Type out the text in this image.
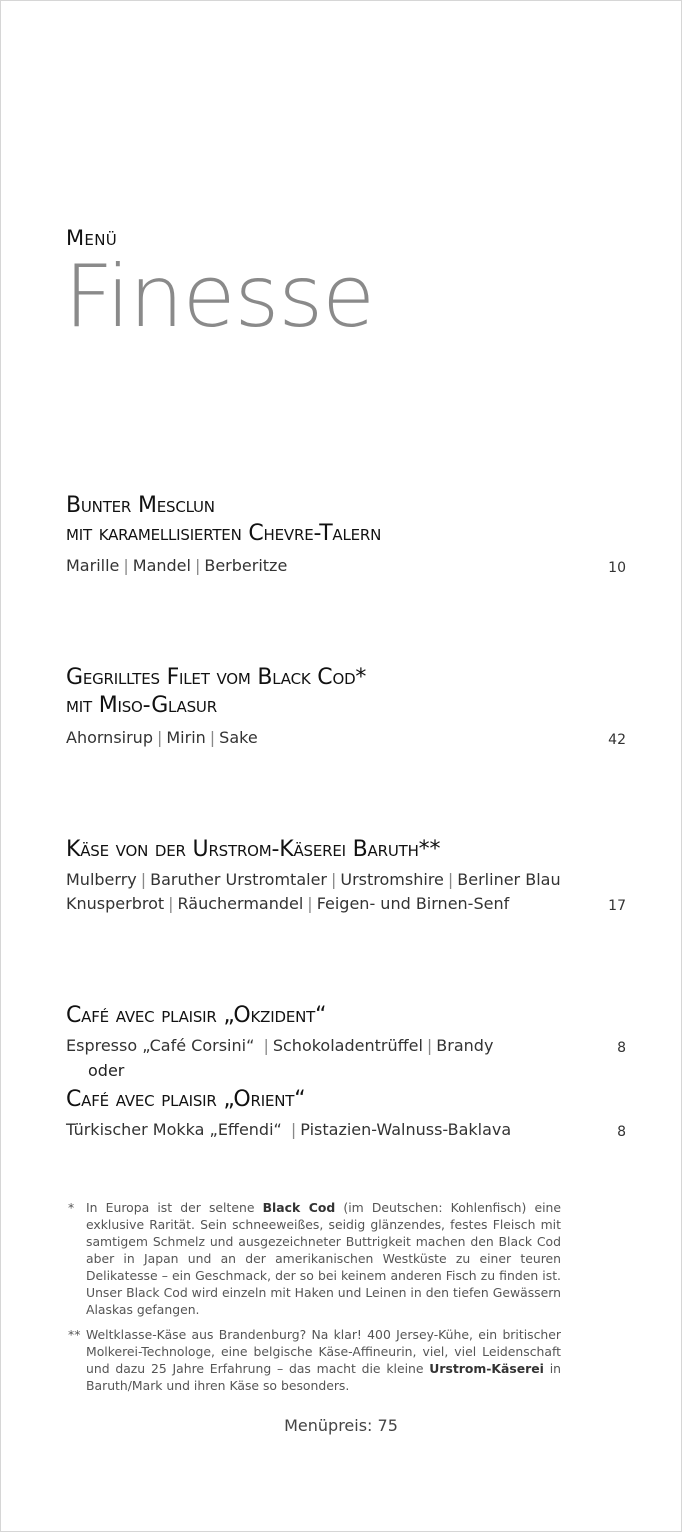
Menü
Finesse
Bunter Mesclun
mit karamellisierten Chevre-Talern
Marille | Mandel | Berberitze	10
Gegrilltes Filet vom Black Cod*
mit Miso-Glasur
Ahornsirup | Mirin | Sake	42
Käse von der Urstrom-Käserei Baruth**
Mulberry | Baruther Urstromtaler | Urstromshire | Berliner Blau
Knusperbrot | Räuchermandel | Feigen- und Birnen-Senf	17
Café avec plaisir „Okzident“
Espresso „Café Corsini“ | Schokoladentrüffel | Brandy	8
oder
Café avec plaisir „Orient“
Türkischer Mokka „Effendi“ | Pistazien-Walnuss-Baklava	8
* In Europa ist der seltene Black Cod (im Deutschen: Kohlenfisch) eine exklusive Rarität. Sein schneeweißes, seidig glänzendes, festes Fleisch mit samtigem Schmelz und ausgezeichneter Buttrigkeit machen den Black Cod aber in Japan und an der amerikanischen Westküste zu einer teuren Delikatesse – ein Geschmack, der so bei keinem anderen Fisch zu finden ist. Unser Black Cod wird einzeln mit Haken und Leinen in den tiefen Gewässern Alaskas gefangen.
** Weltklasse-Käse aus Brandenburg? Na klar! 400 Jersey-Kühe, ein britischer Molkerei-Technologe, eine belgische Käse-Affineurin, viel, viel Leidenschaft und dazu 25 Jahre Erfahrung – das macht die kleine Urstrom-Käserei in Baruth/Mark und ihren Käse so besonders.
Menüpreis: 75
